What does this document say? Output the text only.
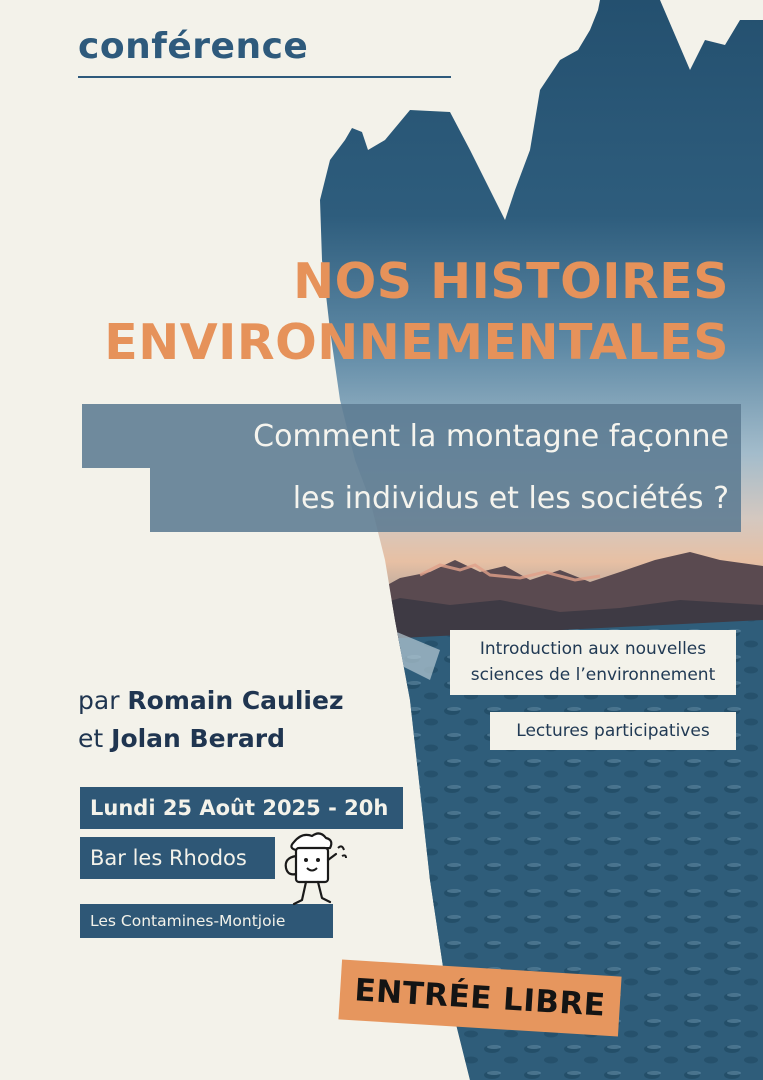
conférence
NOS HISTOIRES
ENVIRONNEMENTALES
Comment la montagne façonne
les individus et les sociétés ?
Introduction aux nouvelles
sciences de l’environnement
Lectures participatives
par Romain Cauliez
et Jolan Berard
Lundi 25 Août 2025 - 20h
Bar les Rhodos
Les Contamines-Montjoie
ENTRÉE LIBRE
